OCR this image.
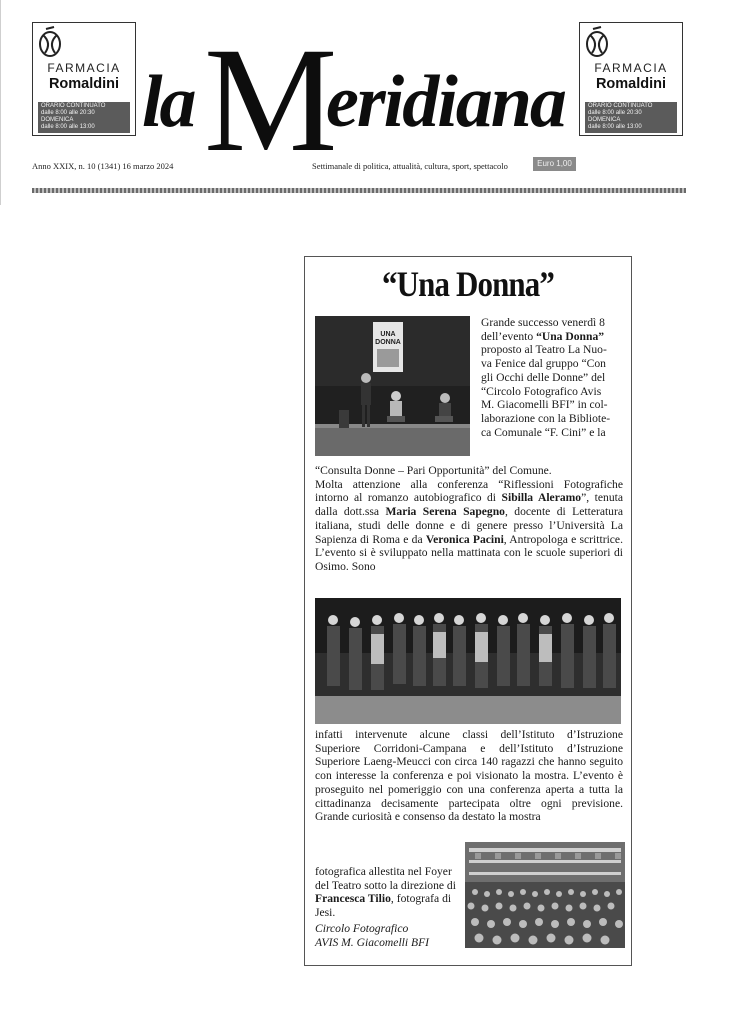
FARMACIA
Romaldini
ORARIO CONTINUATO
dalle 8:00 alle 20:30
DOMENICA
dalle 8:00 alle 13:00
FARMACIA
Romaldini
ORARIO CONTINUATO
dalle 8:00 alle 20:30
DOMENICA
dalle 8:00 alle 13:00
la M
eridiana
Anno XXIX, n. 10 (1341) 16 marzo 2024	Settimanale di politica, attualità, cultura, sport, spettacolo	Euro 1,00
“Una Donna”
UNA
DONNA
Grande successo venerdì 8
dell’evento “Una Donna”
proposto al Teatro La Nuo-
va Fenice dal gruppo “Con
gli Occhi delle Donne” del
“Circolo Fotografico Avis
M. Giacomelli BFI” in col-
laborazione con la Bibliote-
ca Comunale “F. Cini” e la
“Consulta Donne – Pari Opportunità” del Comune.
Molta attenzione alla conferenza “Riflessioni Fotografiche intorno al romanzo autobiografico di Sibilla Aleramo”, tenuta dalla dott.ssa Maria Serena Sapegno, docente di Letteratura italiana, studi delle donne e di genere presso l’Università La Sapienza di Roma e da Veronica Pacini, Antropologa e scrittrice. L’evento si è sviluppato nella mattinata con le scuole superiori di Osimo. Sono
infatti intervenute alcune classi dell’Istituto d’Istruzione Superiore Corridoni-Campana e dell’Istituto d’Istruzione Superiore Laeng-Meucci con circa 140 ragazzi che hanno seguito con interesse la conferenza e poi visionato la mostra. L’evento è proseguito nel pomeriggio con una conferenza aperta a tutta la cittadinanza decisamente partecipata oltre ogni previsione. Grande curiosità e consenso da destato la mostra
fotografica allestita nel Foyer del Teatro sotto la direzione di Francesca Tilio, fotografa di Jesi.
Circolo Fotografico
AVIS M. Giacomelli BFI
